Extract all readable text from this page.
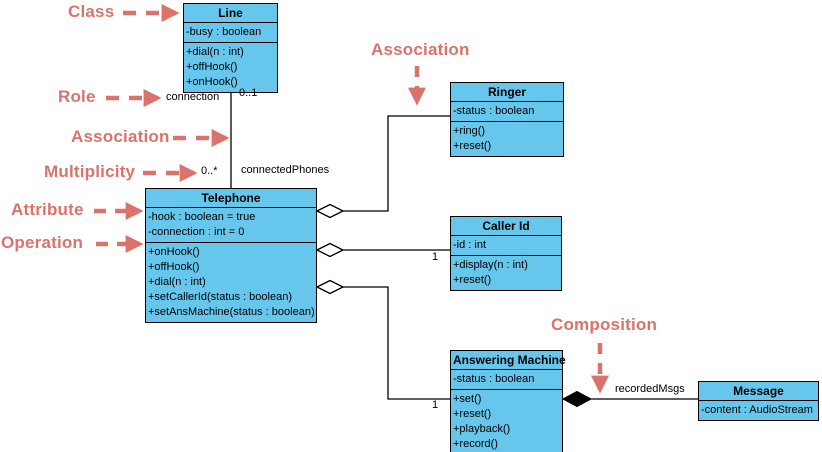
Line
-busy : boolean
+dial(n : int)
+offHook()
+onHook()
Ringer
-status : boolean
+ring()
+reset()
Telephone
-hook : boolean = true
-connection : int = 0
+onHook()
+offHook()
+dial(n : int)
+setCallerId(status : boolean)
+setAnsMachine(status : boolean)
Caller Id
-id : int
+display(n : int)
+reset()
Answering Machine
-status : boolean
+set()
+reset()
+playback()
+record()
Message
-content : AudioStream
connection 0..1
0..* connectedPhones
1
1
recordedMsgs
Class
Role
Association
Multiplicity
Attribute
Operation
Association
Composition
